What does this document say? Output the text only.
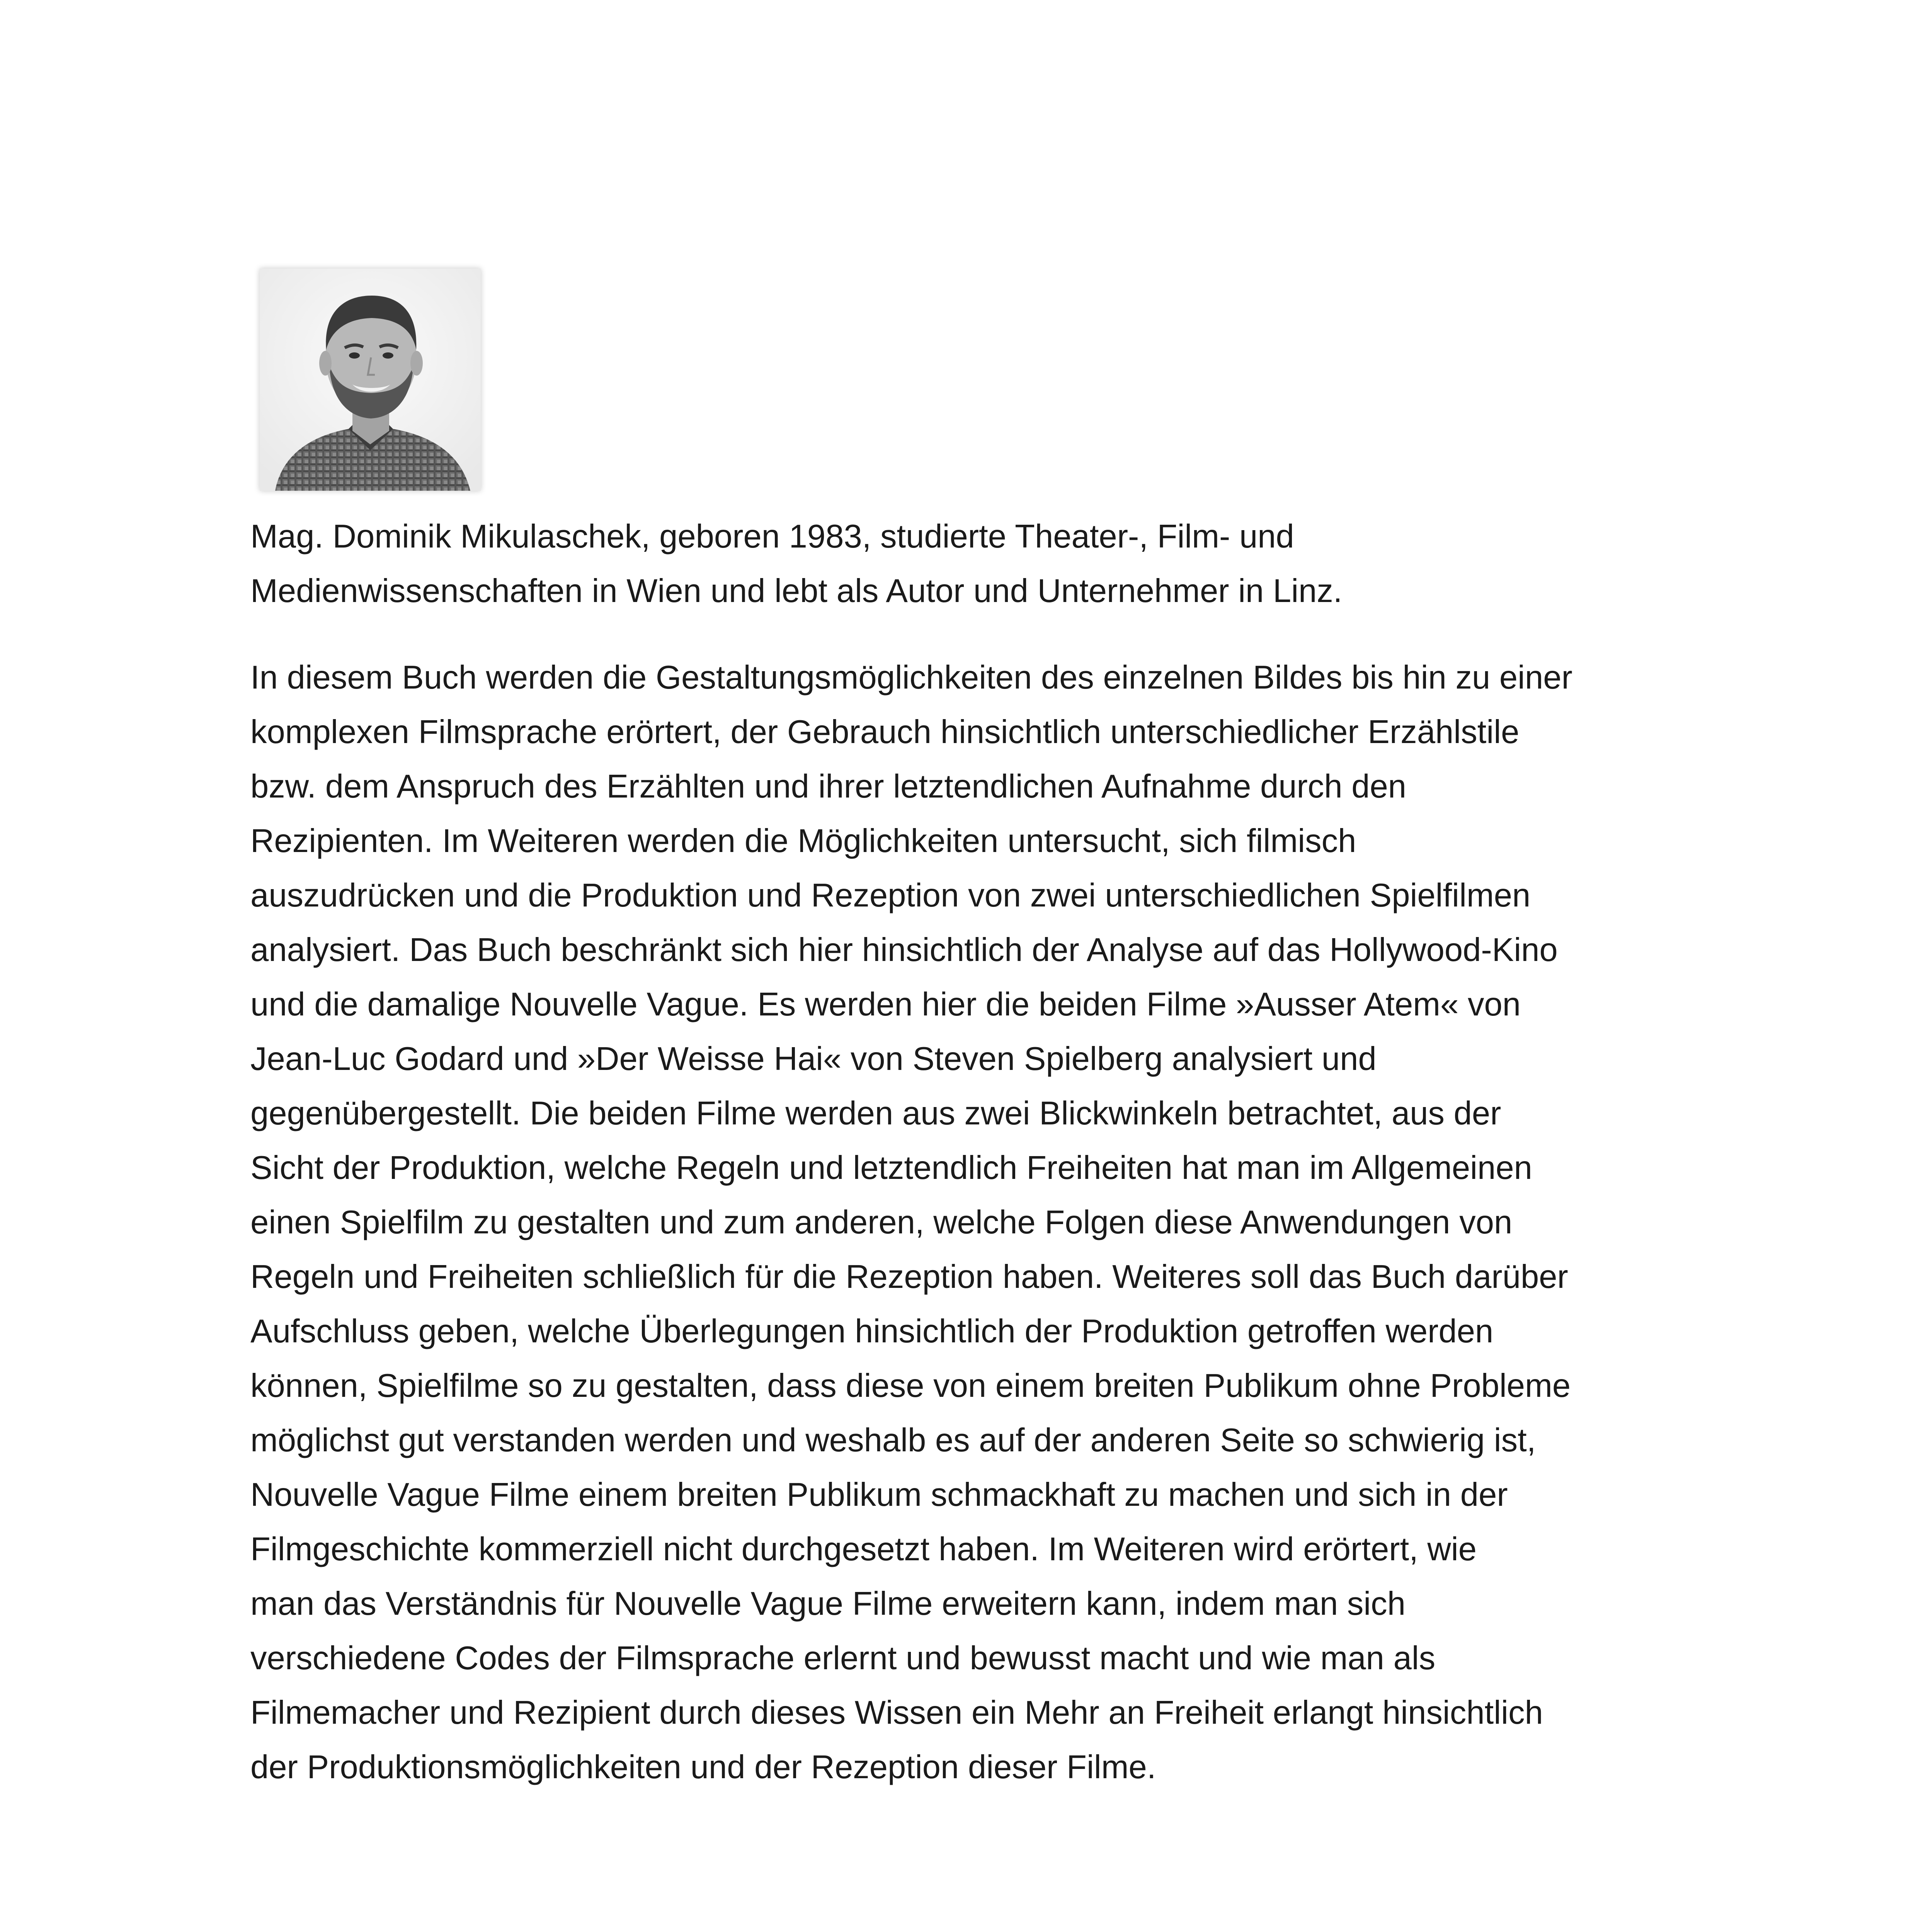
Mag. Dominik Mikulaschek, geboren 1983, studierte Theater-, Film- und
Medienwissenschaften in Wien und lebt als Autor und Unternehmer in Linz.
In diesem Buch werden die Gestaltungsmöglichkeiten des einzelnen Bildes bis hin zu einer
komplexen Filmsprache erörtert, der Gebrauch hinsichtlich unterschiedlicher Erzählstile
bzw. dem Anspruch des Erzählten und ihrer letztendlichen Aufnahme durch den
Rezipienten. Im Weiteren werden die Möglichkeiten untersucht, sich filmisch
auszudrücken und die Produktion und Rezeption von zwei unterschiedlichen Spielfilmen
analysiert. Das Buch beschränkt sich hier hinsichtlich der Analyse auf das Hollywood-Kino
und die damalige Nouvelle Vague. Es werden hier die beiden Filme »Ausser Atem« von
Jean-Luc Godard und »Der Weisse Hai« von Steven Spielberg analysiert und
gegenübergestellt. Die beiden Filme werden aus zwei Blickwinkeln betrachtet, aus der
Sicht der Produktion, welche Regeln und letztendlich Freiheiten hat man im Allgemeinen
einen Spielfilm zu gestalten und zum anderen, welche Folgen diese Anwendungen von
Regeln und Freiheiten schließlich für die Rezeption haben. Weiteres soll das Buch darüber
Aufschluss geben, welche Überlegungen hinsichtlich der Produktion getroffen werden
können, Spielfilme so zu gestalten, dass diese von einem breiten Publikum ohne Probleme
möglichst gut verstanden werden und weshalb es auf der anderen Seite so schwierig ist,
Nouvelle Vague Filme einem breiten Publikum schmackhaft zu machen und sich in der
Filmgeschichte kommerziell nicht durchgesetzt haben. Im Weiteren wird erörtert, wie
man das Verständnis für Nouvelle Vague Filme erweitern kann, indem man sich
verschiedene Codes der Filmsprache erlernt und bewusst macht und wie man als
Filmemacher und Rezipient durch dieses Wissen ein Mehr an Freiheit erlangt hinsichtlich
der Produktionsmöglichkeiten und der Rezeption dieser Filme.
